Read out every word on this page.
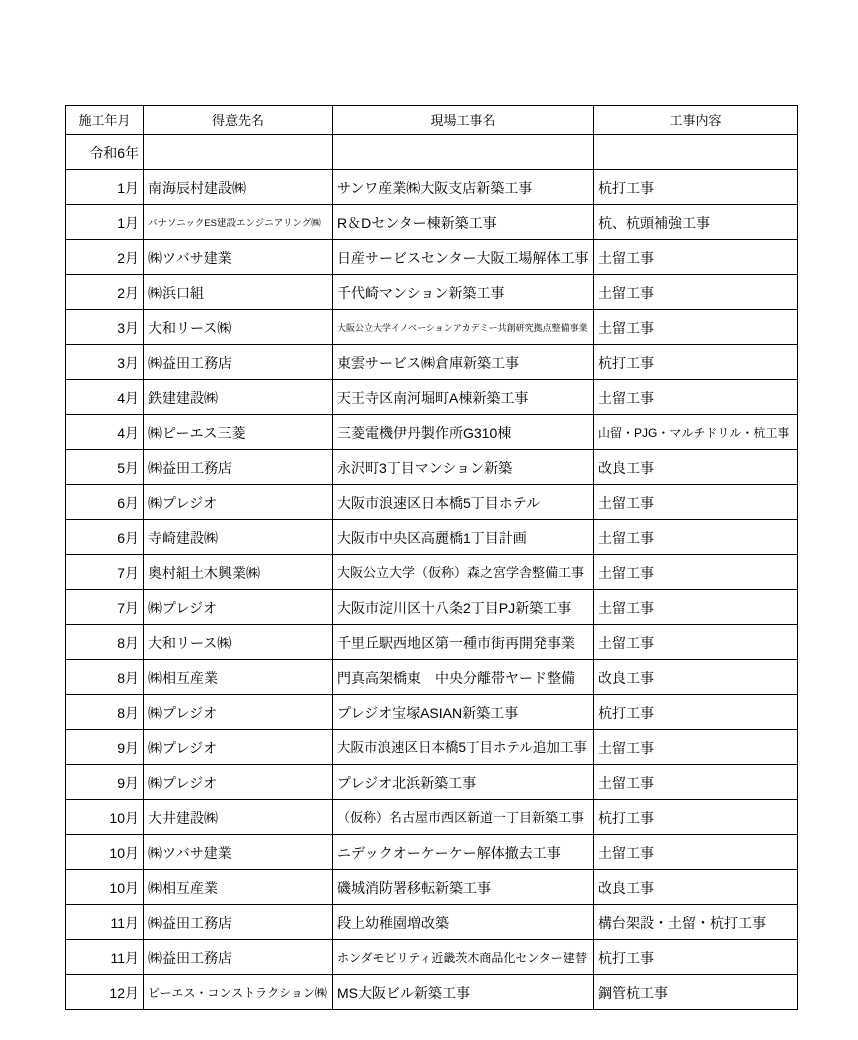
施工年月	得意先名	現場工事名	工事内容
令和6年			
1月	南海辰村建設㈱	サンワ産業㈱大阪支店新築工事	杭打工事
1月	パナソニックES建設エンジニアリング㈱	R＆Dセンター棟新築工事	杭、杭頭補強工事
2月	㈱ツバサ建業	日産サービスセンター大阪工場解体工事	土留工事
2月	㈱浜口組	千代崎マンション新築工事	土留工事
3月	大和リース㈱	大阪公立大学イノベーションアカデミー共創研究拠点整備事業	土留工事
3月	㈱益田工務店	東雲サービス㈱倉庫新築工事	杭打工事
4月	鉄建建設㈱	天王寺区南河堀町A棟新築工事	土留工事
4月	㈱ピーエス三菱	三菱電機伊丹製作所G310棟	山留・PJG・マルチドリル・杭工事
5月	㈱益田工務店	永沢町3丁目マンション新築	改良工事
6月	㈱プレジオ	大阪市浪速区日本橋5丁目ホテル	土留工事
6月	寺崎建設㈱	大阪市中央区高麗橋1丁目計画	土留工事
7月	奥村組土木興業㈱	大阪公立大学（仮称）森之宮学舎整備工事	土留工事
7月	㈱プレジオ	大阪市淀川区十八条2丁目PJ新築工事	土留工事
8月	大和リース㈱	千里丘駅西地区第一種市街再開発事業	土留工事
8月	㈱相互産業	門真高架橋東　中央分離帯ヤード整備	改良工事
8月	㈱プレジオ	プレジオ宝塚ASIAN新築工事	杭打工事
9月	㈱プレジオ	大阪市浪速区日本橋5丁目ホテル追加工事	土留工事
9月	㈱プレジオ	プレジオ北浜新築工事	土留工事
10月	大井建設㈱	（仮称）名古屋市西区新道一丁目新築工事	杭打工事
10月	㈱ツバサ建業	ニデックオーケーケー解体撤去工事	土留工事
10月	㈱相互産業	磯城消防署移転新築工事	改良工事
11月	㈱益田工務店	段上幼稚園増改築	構台架設・土留・杭打工事
11月	㈱益田工務店	ホンダモビリティ近畿茨木商品化センター建替	杭打工事
12月	ピーエス・コンストラクション㈱	MS大阪ビル新築工事	鋼管杭工事
